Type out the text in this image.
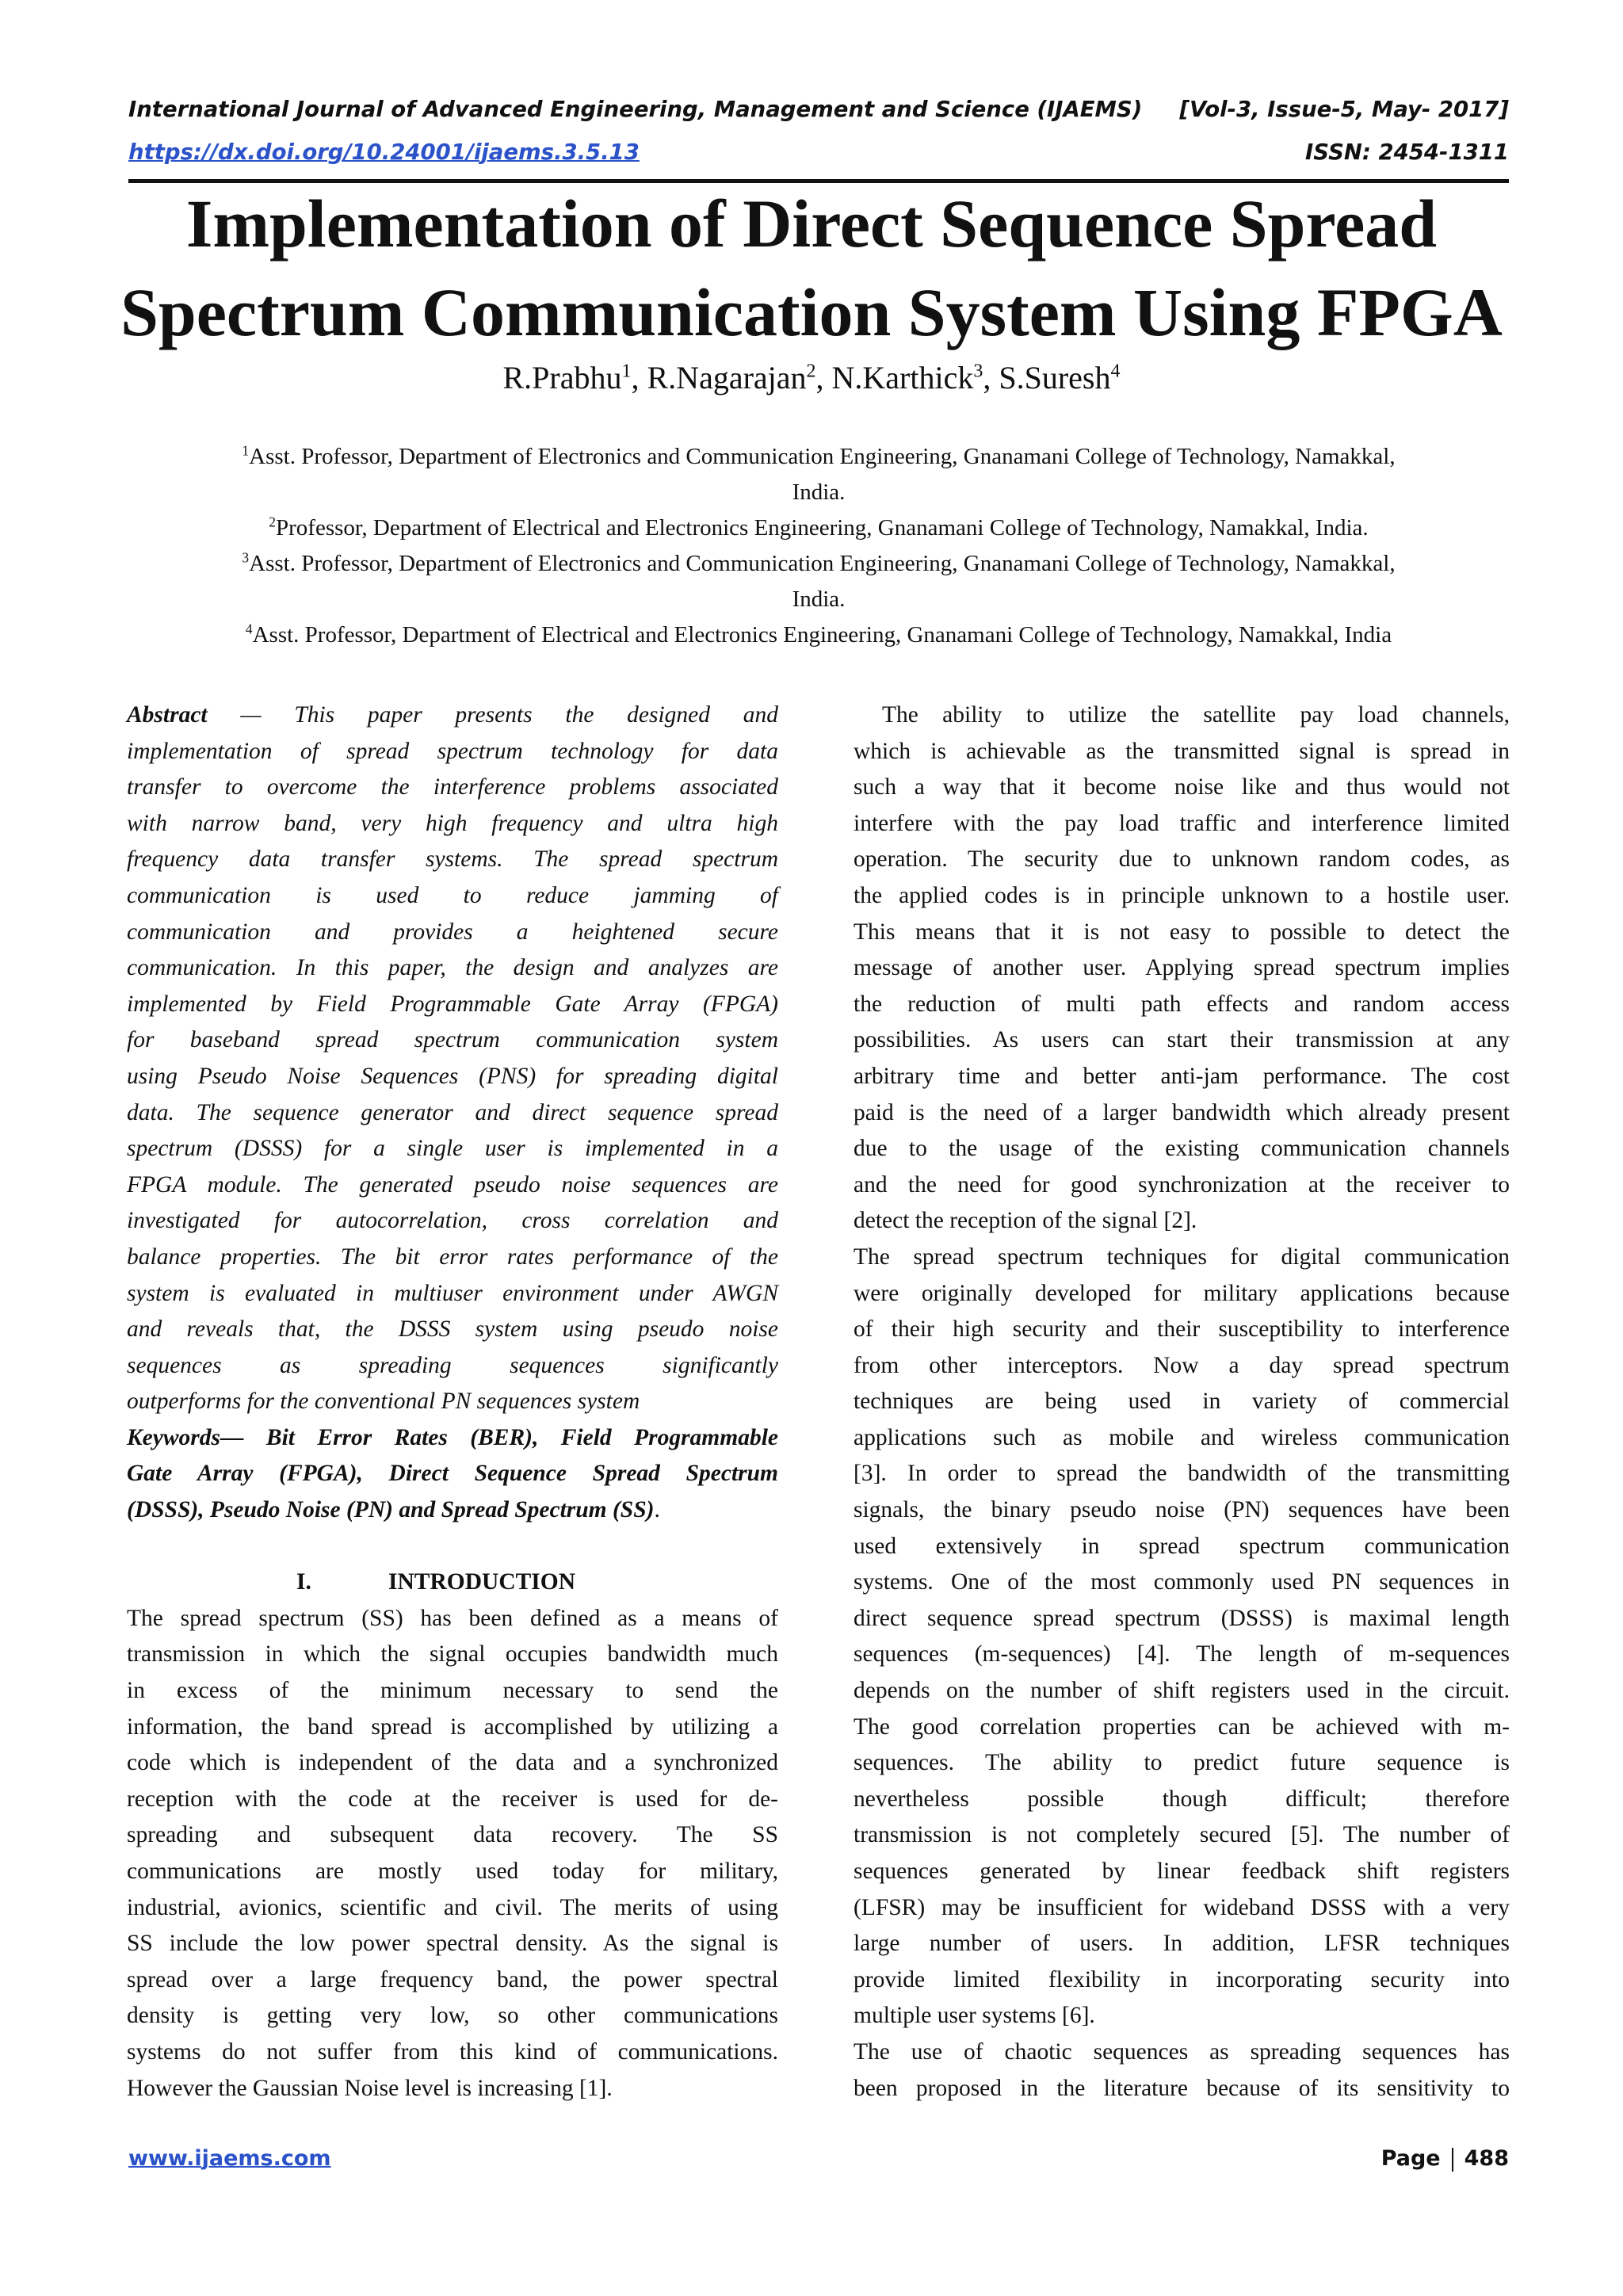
International Journal of Advanced Engineering, Management and Science (IJAEMS) [Vol-3, Issue-5, May- 2017]
https://dx.doi.org/10.24001/ijaems.3.5.13	ISSN: 2454-1311
Implementation of Direct Sequence Spread
Spectrum Communication System Using FPGA
R.Prabhu$^1$, R.Nagarajan$^2$, N.Karthick$^3$, S.Suresh$^4$
$^1$Asst. Professor, Department of Electronics and Communication Engineering, Gnanamani College of Technology, Namakkal,
India.
$^2$Professor, Department of Electrical and Electronics Engineering, Gnanamani College of Technology, Namakkal, India.
$^3$Asst. Professor, Department of Electronics and Communication Engineering, Gnanamani College of Technology, Namakkal,
India.
$^4$Asst. Professor, Department of Electrical and Electronics Engineering, Gnanamani College of Technology, Namakkal, India
Abstract — This paper presents the designed and
implementation of spread spectrum technology for data
transfer to overcome the interference problems associated
with narrow band, very high frequency and ultra high
frequency data transfer systems. The spread spectrum
communication is used to reduce jamming of
communication and provides a heightened secure
communication. In this paper, the design and analyzes are
implemented by Field Programmable Gate Array (FPGA)
for baseband spread spectrum communication system
using Pseudo Noise Sequences (PNS) for spreading digital
data. The sequence generator and direct sequence spread
spectrum (DSSS) for a single user is implemented in a
FPGA module. The generated pseudo noise sequences are
investigated for autocorrelation, cross correlation and
balance properties. The bit error rates performance of the
system is evaluated in multiuser environment under AWGN
and reveals that, the DSSS system using pseudo noise
sequences as spreading sequences significantly
outperforms for the conventional PN sequences system
Keywords— Bit Error Rates (BER), Field Programmable
Gate Array (FPGA), Direct Sequence Spread Spectrum
(DSSS), Pseudo Noise (PN) and Spread Spectrum (SS).
I.	INTRODUCTION
The spread spectrum (SS) has been defined as a means of
transmission in which the signal occupies bandwidth much
in excess of the minimum necessary to send the
information, the band spread is accomplished by utilizing a
code which is independent of the data and a synchronized
reception with the code at the receiver is used for de-
spreading and subsequent data recovery. The SS
communications are mostly used today for military,
industrial, avionics, scientific and civil. The merits of using
SS include the low power spectral density. As the signal is
spread over a large frequency band, the power spectral
density is getting very low, so other communications
systems do not suffer from this kind of communications.
However the Gaussian Noise level is increasing [1].
The ability to utilize the satellite pay load channels,
which is achievable as the transmitted signal is spread in
such a way that it become noise like and thus would not
interfere with the pay load traffic and interference limited
operation. The security due to unknown random codes, as
the applied codes is in principle unknown to a hostile user.
This means that it is not easy to possible to detect the
message of another user. Applying spread spectrum implies
the reduction of multi path effects and random access
possibilities. As users can start their transmission at any
arbitrary time and better anti-jam performance. The cost
paid is the need of a larger bandwidth which already present
due to the usage of the existing communication channels
and the need for good synchronization at the receiver to
detect the reception of the signal [2].
The spread spectrum techniques for digital communication
were originally developed for military applications because
of their high security and their susceptibility to interference
from other interceptors. Now a day spread spectrum
techniques are being used in variety of commercial
applications such as mobile and wireless communication
[3]. In order to spread the bandwidth of the transmitting
signals, the binary pseudo noise (PN) sequences have been
used extensively in spread spectrum communication
systems. One of the most commonly used PN sequences in
direct sequence spread spectrum (DSSS) is maximal length
sequences (m-sequences) [4]. The length of m-sequences
depends on the number of shift registers used in the circuit.
The good correlation properties can be achieved with m-
sequences. The ability to predict future sequence is
nevertheless possible though difficult; therefore
transmission is not completely secured [5]. The number of
sequences generated by linear feedback shift registers
(LFSR) may be insufficient for wideband DSSS with a very
large number of users. In addition, LFSR techniques
provide limited flexibility in incorporating security into
multiple user systems [6].
The use of chaotic sequences as spreading sequences has
been proposed in the literature because of its sensitivity to
www.ijaems.com	Page 488
